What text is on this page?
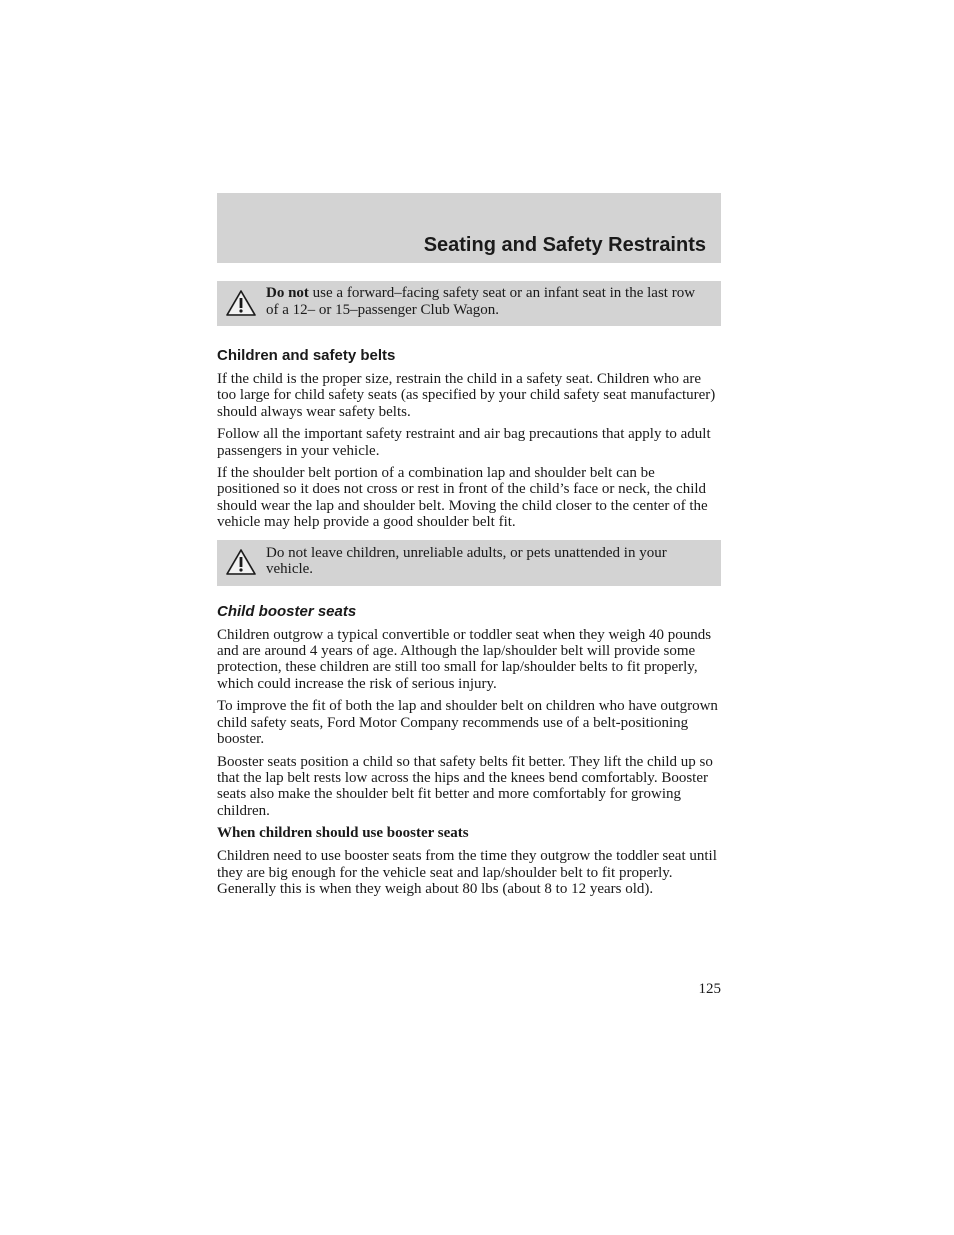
Seating and Safety Restraints
Do not use a forward–facing safety seat or an infant seat in the last row of a 12– or 15–passenger Club Wagon.
Children and safety belts

If the child is the proper size, restrain the child in a safety seat. Children who are too large for child safety seats (as specified by your child safety seat manufacturer) should always wear safety belts.

Follow all the important safety restraint and air bag precautions that apply to adult passengers in your vehicle.

If the shoulder belt portion of a combination lap and shoulder belt can be positioned so it does not cross or rest in front of the child’s face or neck, the child should wear the lap and shoulder belt. Moving the child closer to the center of the vehicle may help provide a good shoulder belt fit.

Do not leave children, unreliable adults, or pets unattended in your vehicle.
Child booster seats

Children outgrow a typical convertible or toddler seat when they weigh 40 pounds and are around 4 years of age. Although the lap/shoulder belt will provide some protection, these children are still too small for lap/shoulder belts to fit properly, which could increase the risk of serious injury.

To improve the fit of both the lap and shoulder belt on children who have outgrown child safety seats, Ford Motor Company recommends use of a belt-positioning booster.

Booster seats position a child so that safety belts fit better. They lift the child up so that the lap belt rests low across the hips and the knees bend comfortably. Booster seats also make the shoulder belt fit better and more comfortably for growing children.

When children should use booster seats

Children need to use booster seats from the time they outgrow the toddler seat until they are big enough for the vehicle seat and lap/shoulder belt to fit properly. Generally this is when they weigh about 80 lbs (about 8 to 12 years old).

125
